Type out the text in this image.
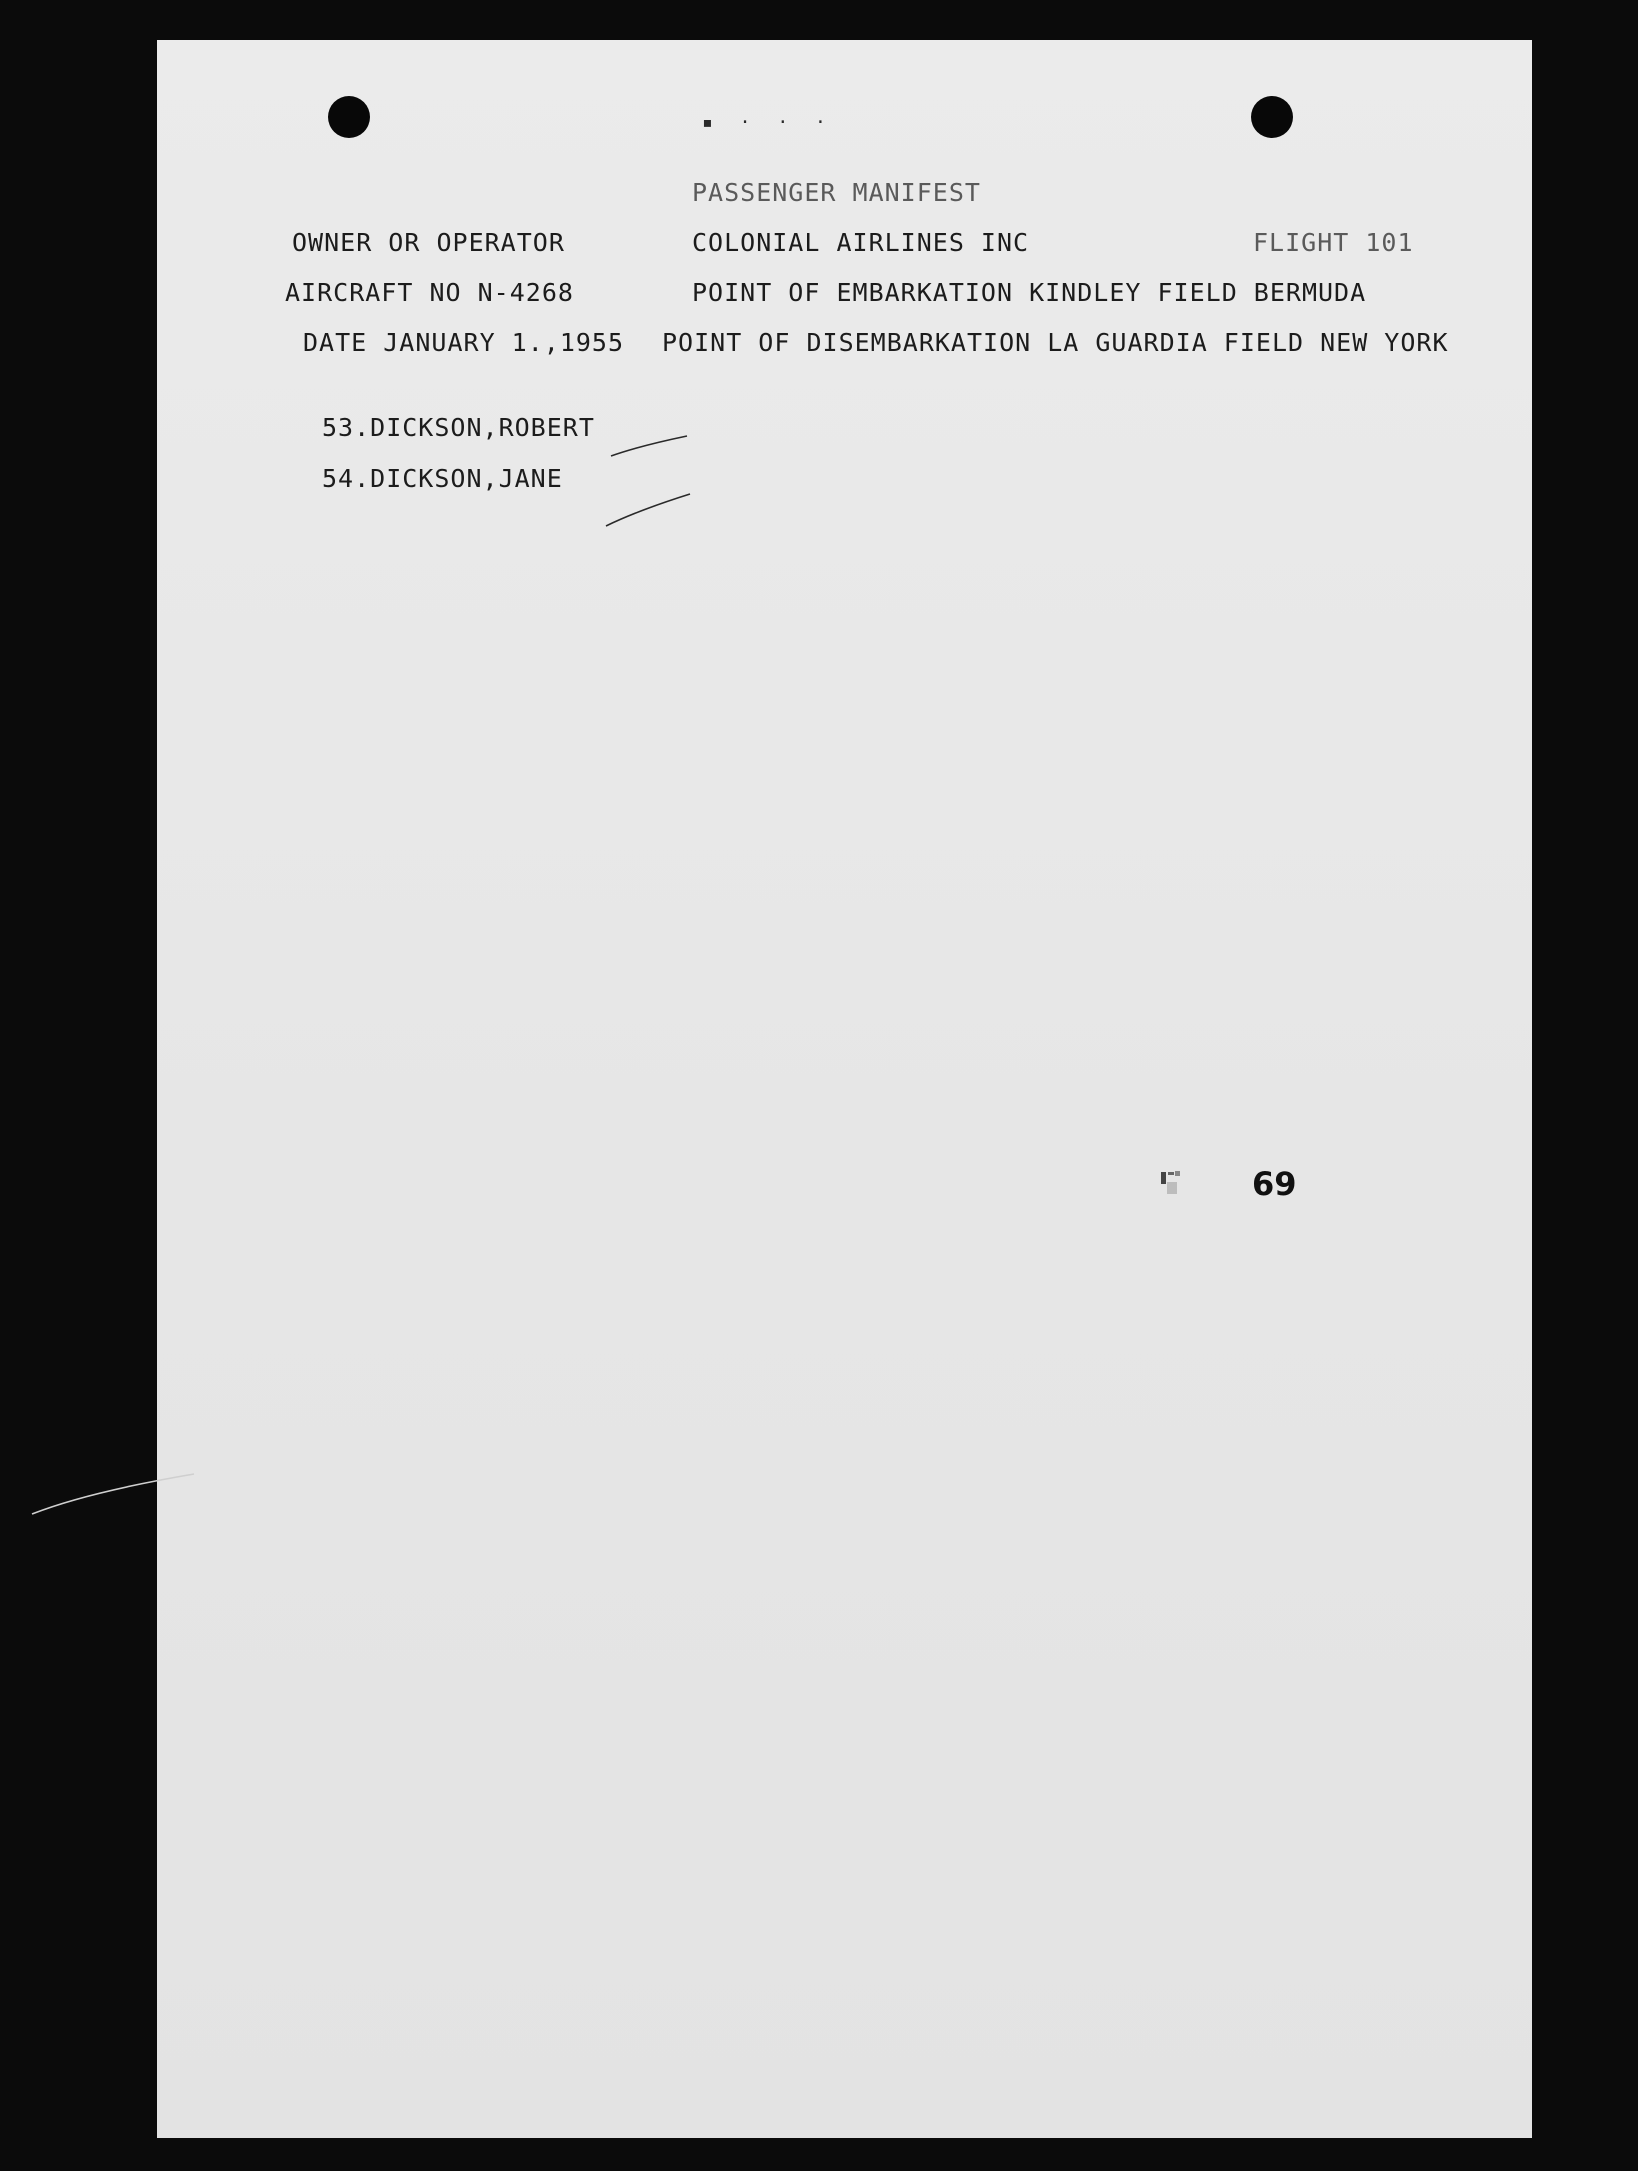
▪ · · ·
PASSENGER MANIFEST
OWNER OR OPERATOR	COLONIAL AIRLINES INC	FLIGHT 101
AIRCRAFT NO N-4268	POINT OF EMBARKATION KINDLEY FIELD BERMUDA
DATE JANUARY 1.,1955 POINT OF DISEMBARKATION LA GUARDIA FIELD NEW YORK
53.DICKSON,ROBERT
54.DICKSON,JANE
69
